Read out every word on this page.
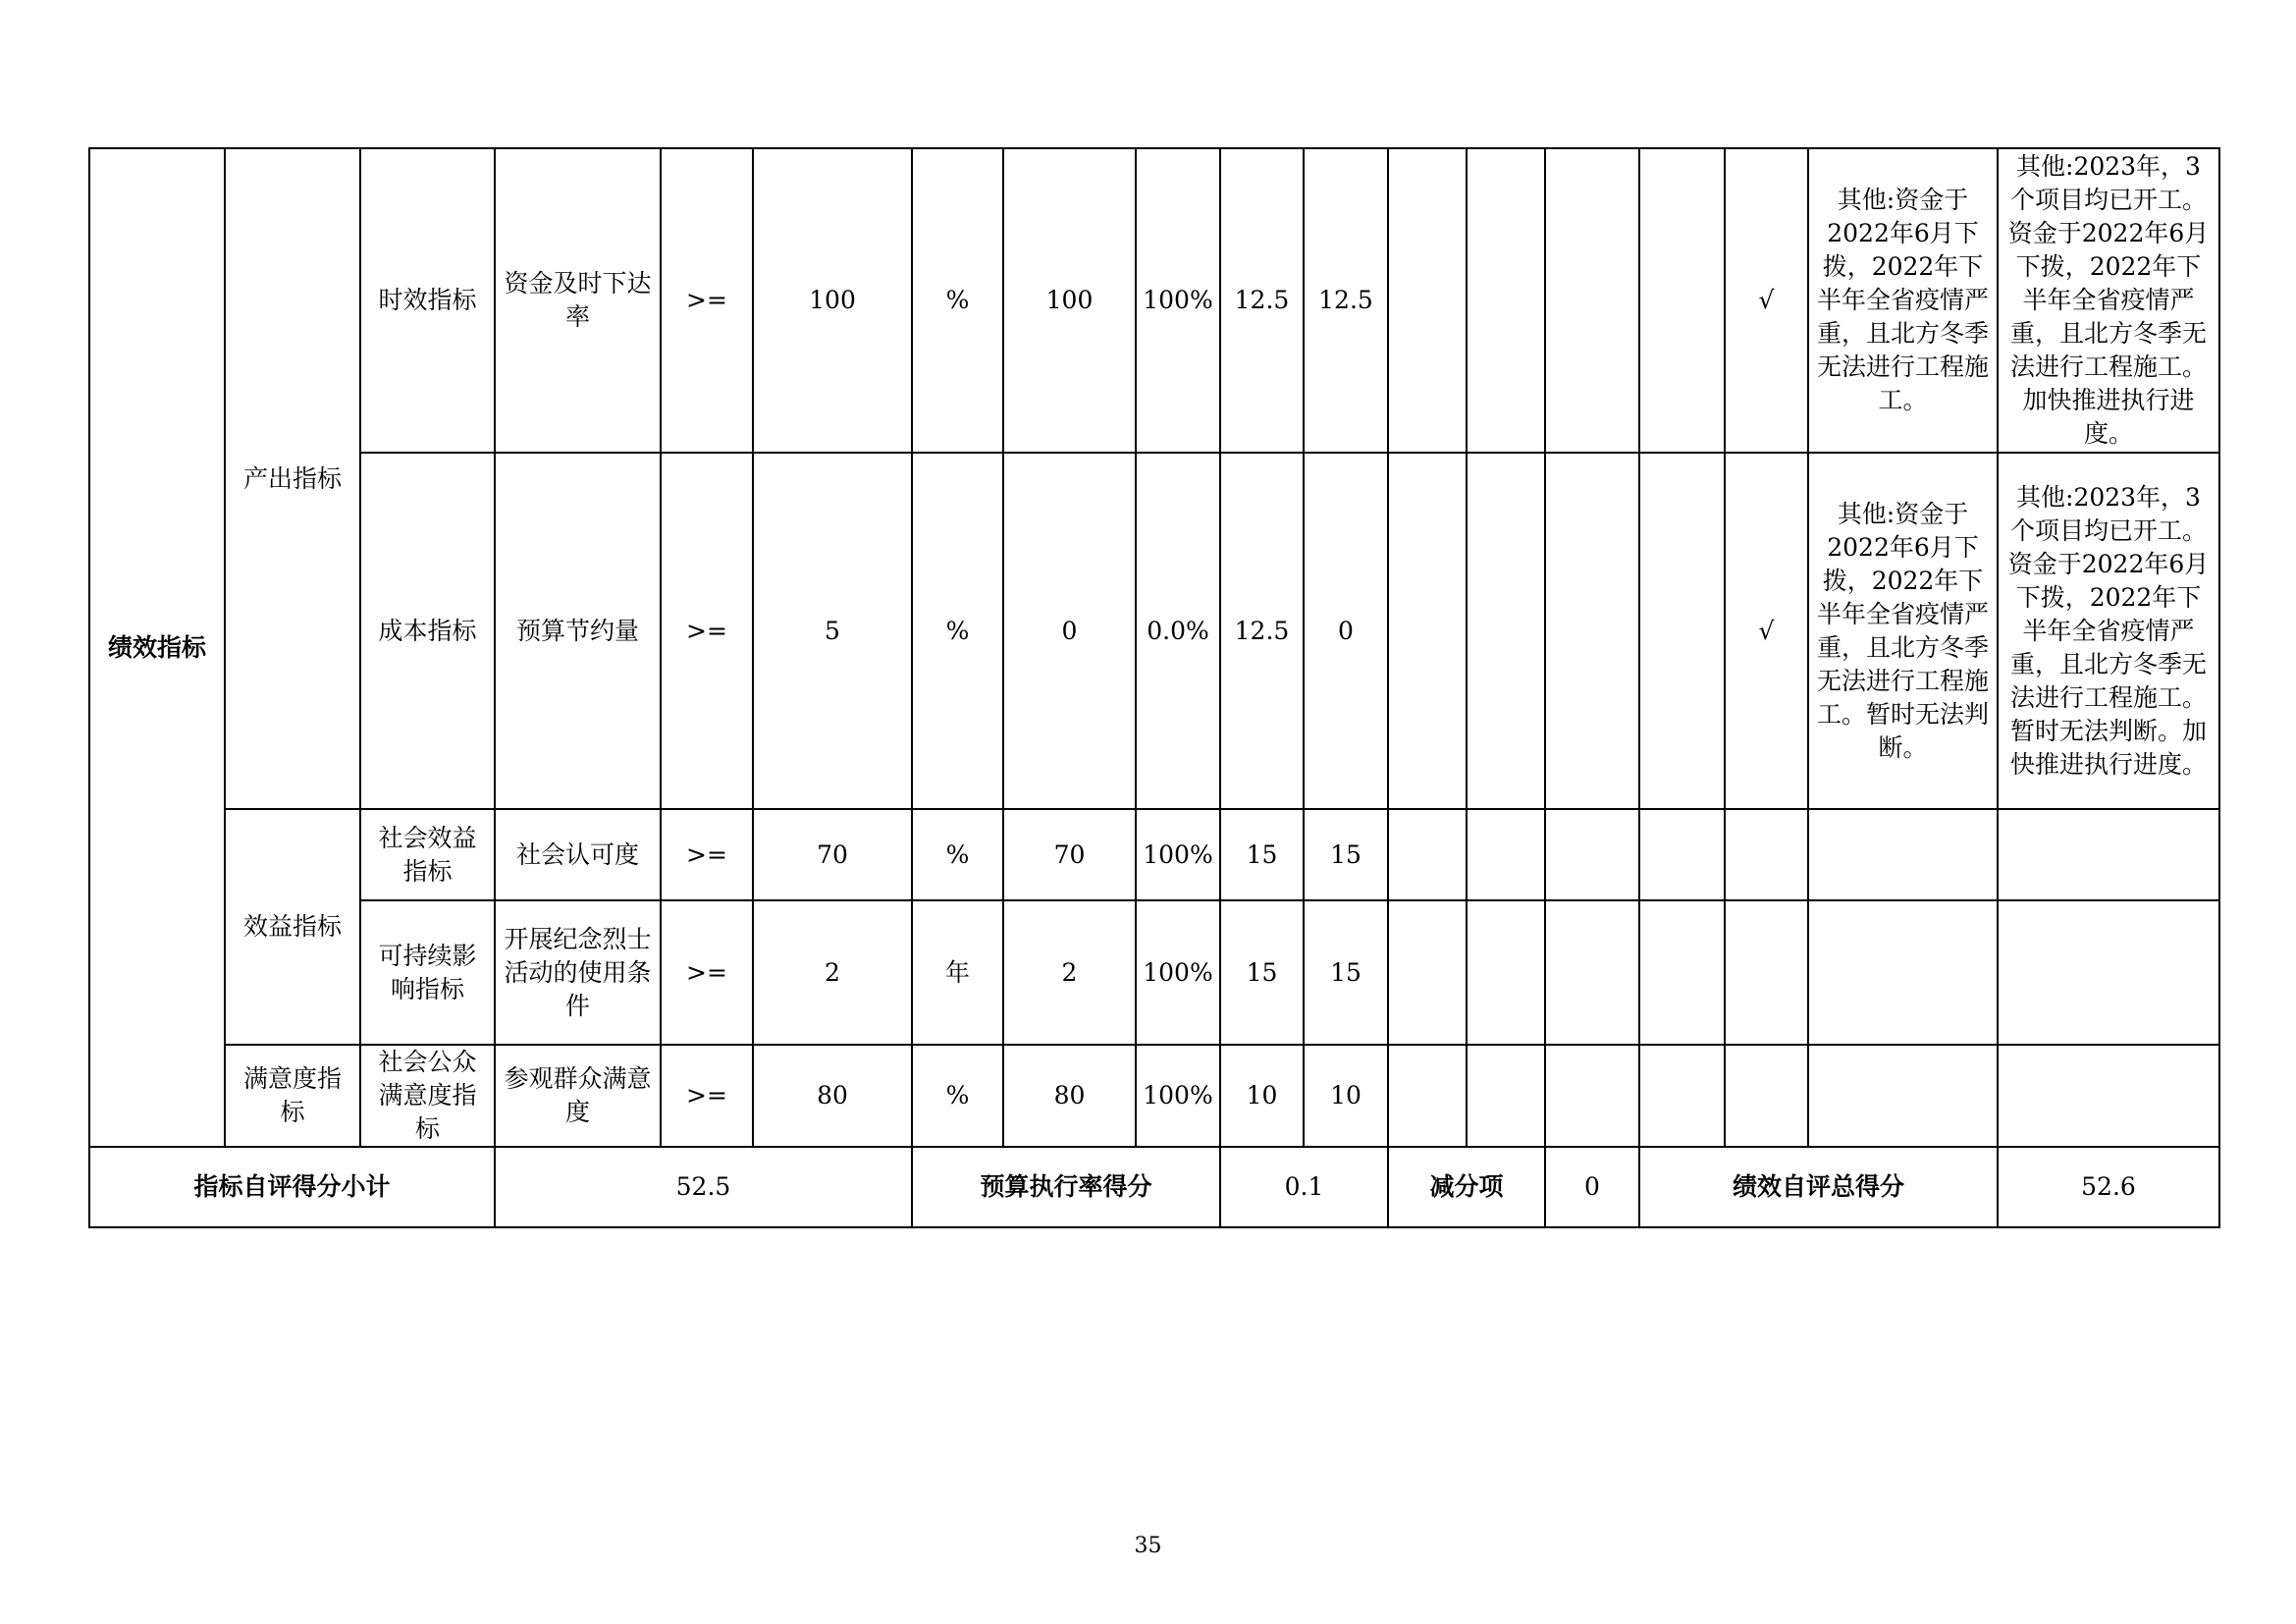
绩效指标	产出指标	时效指标	资金及时下达率	>=	100	%	100	100%	12.5	12.5					√	其他:资金于2022年6月下拨，2022年下半年全省疫情严重，且北方冬季无法进行工程施工。	其他:2023年，3个项目均已开工。资金于2022年6月下拨，2022年下半年全省疫情严重，且北方冬季无法进行工程施工。加快推进执行进度。
		成本指标	预算节约量	>=	5	%	0	0.0%	12.5	0					√	其他:资金于2022年6月下拨，2022年下半年全省疫情严重，且北方冬季无法进行工程施工。暂时无法判断。	其他:2023年，3个项目均已开工。资金于2022年6月下拨，2022年下半年全省疫情严重，且北方冬季无法进行工程施工。暂时无法判断。加快推进执行进度。
	效益指标	社会效益指标	社会认可度	>=	70	%	70	100%	15	15							
		可持续影响指标	开展纪念烈士活动的使用条件	>=	2	年	2	100%	15	15							
	满意度指标	社会公众满意度指标	参观群众满意度	>=	80	%	80	100%	10	10							
指标自评得分小计			52.5			预算执行率得分			0.1		减分项		0	绩效自评总得分			52.6
35
